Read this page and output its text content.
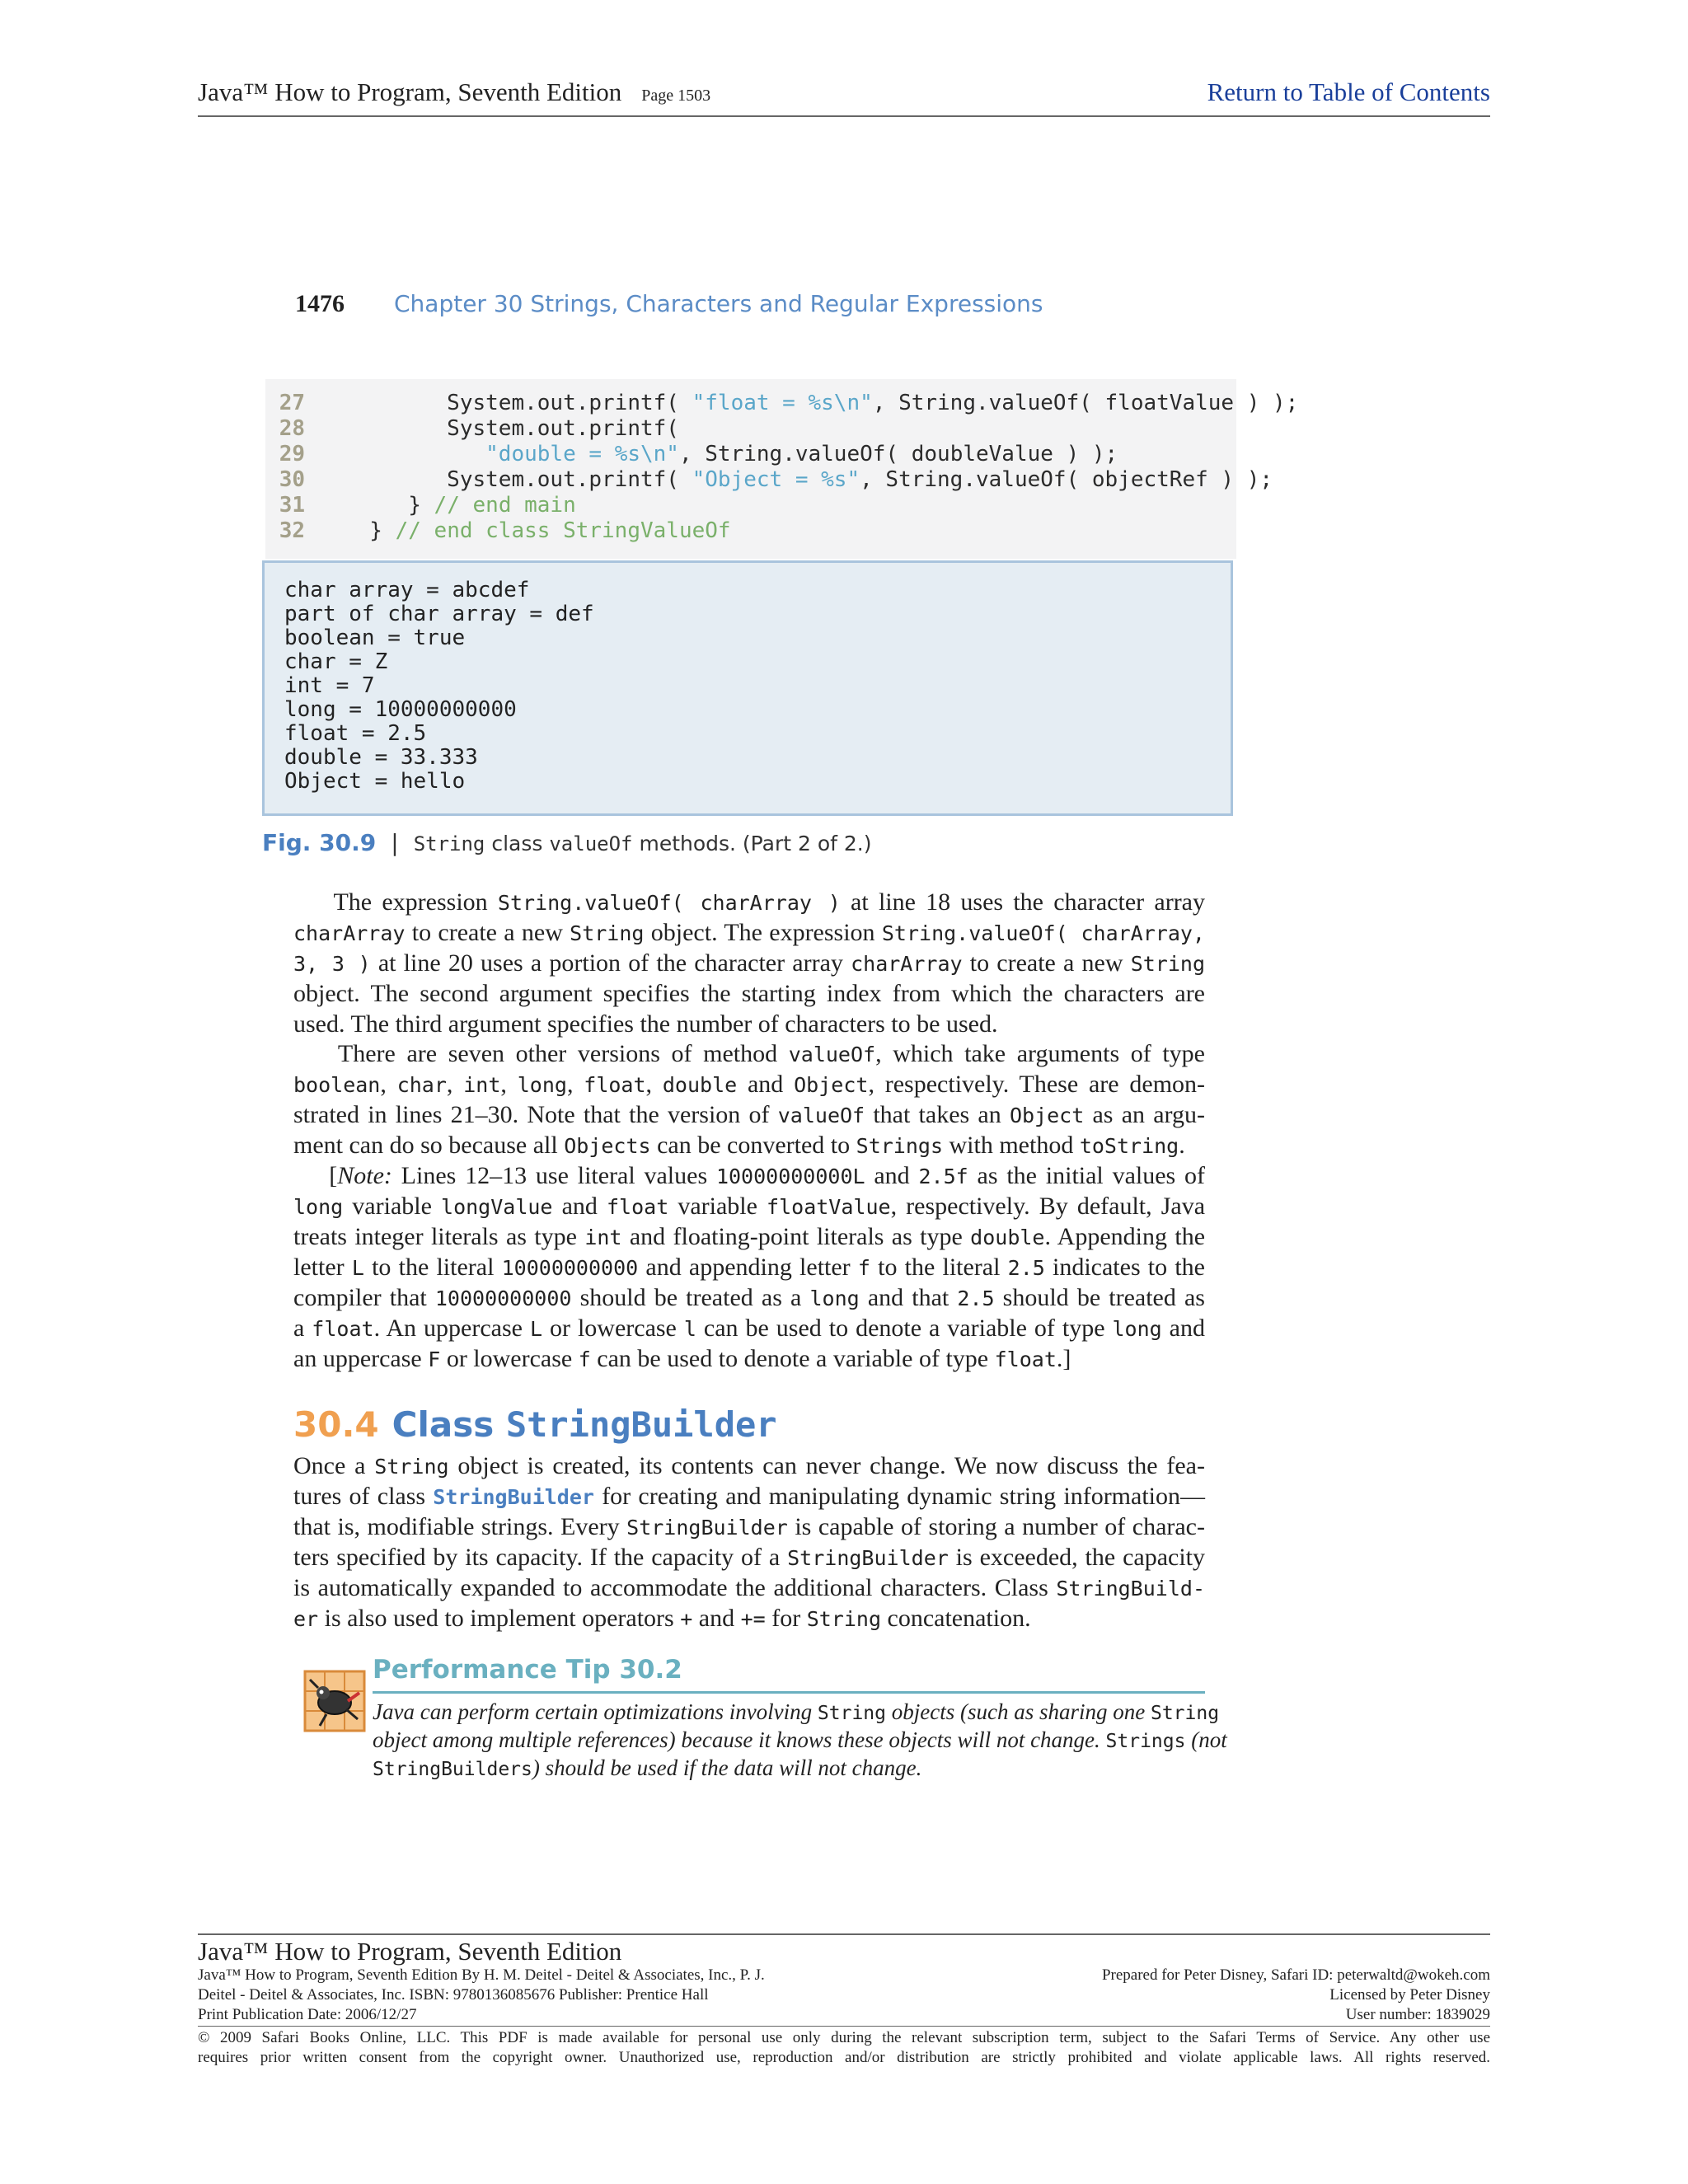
Java™ How to Program, Seventh Edition Page 1503	Return to Table of Contents
1476 Chapter 30 Strings, Characters and Regular Expressions
27           System.out.printf( "float = %s\n", String.valueOf( floatValue ) );
28           System.out.printf(
29	"double = %s\n", String.valueOf( doubleValue ) );
30           System.out.printf( "Object = %s", String.valueOf( objectRef ) );
31        } // end main
32     } // end class StringValueOf
char array = abcdef
part of char array = def
boolean = true
char = Z
int = 7
long = 10000000000
float = 2.5
double = 33.333
Object = hello
Fig. 30.9 | String class valueOf methods. (Part 2 of 2.)
The expression String.valueOf( charArray ) at line 18 uses the character array
charArray to create a new String object. The expression String.valueOf( charArray,
3, 3 ) at line 20 uses a portion of the character array charArray to create a new String
object. The second argument specifies the starting index from which the characters are
used. The third argument specifies the number of characters to be used.
There are seven other versions of method valueOf, which take arguments of type
boolean, char, int, long, float, double and Object, respectively. These are demon-
strated in lines 21–30. Note that the version of valueOf that takes an Object as an argu-
ment can do so because all Objects can be converted to Strings with method toString.
[Note: Lines 12–13 use literal values 10000000000L and 2.5f as the initial values of
long variable longValue and float variable floatValue, respectively. By default, Java
treats integer literals as type int and floating-point literals as type double. Appending the
letter L to the literal 10000000000 and appending letter f to the literal 2.5 indicates to the
compiler that 10000000000 should be treated as a long and that 2.5 should be treated as
a float. An uppercase L or lowercase l can be used to denote a variable of type long and
an uppercase F or lowercase f can be used to denote a variable of type float.]
30.4 Class StringBuilder
Once a String object is created, its contents can never change. We now discuss the fea-
tures of class StringBuilder for creating and manipulating dynamic string information—
that is, modifiable strings. Every StringBuilder is capable of storing a number of charac-
ters specified by its capacity. If the capacity of a StringBuilder is exceeded, the capacity
is automatically expanded to accommodate the additional characters. Class StringBuild-
er is also used to implement operators + and += for String concatenation.
Performance Tip 30.2
Java can perform certain optimizations involving String objects (such as sharing one String
object among multiple references) because it knows these objects will not change. Strings (not
StringBuilders) should be used if the data will not change.
Java™ How to Program, Seventh Edition
Java™ How to Program, Seventh Edition By H. M. Deitel - Deitel & Associates, Inc., P. J.
Deitel - Deitel & Associates, Inc. ISBN: 9780136085676 Publisher: Prentice Hall
Print Publication Date: 2006/12/27
Prepared for Peter Disney, Safari ID: peterwaltd@wokeh.com
Licensed by Peter Disney
User number: 1839029
© 2009 Safari Books Online, LLC. This PDF is made available for personal use only during the relevant subscription term, subject to the Safari Terms of Service. Any other use
requires prior written consent from the copyright owner. Unauthorized use, reproduction and/or distribution are strictly prohibited and violate applicable laws. All rights reserved.
